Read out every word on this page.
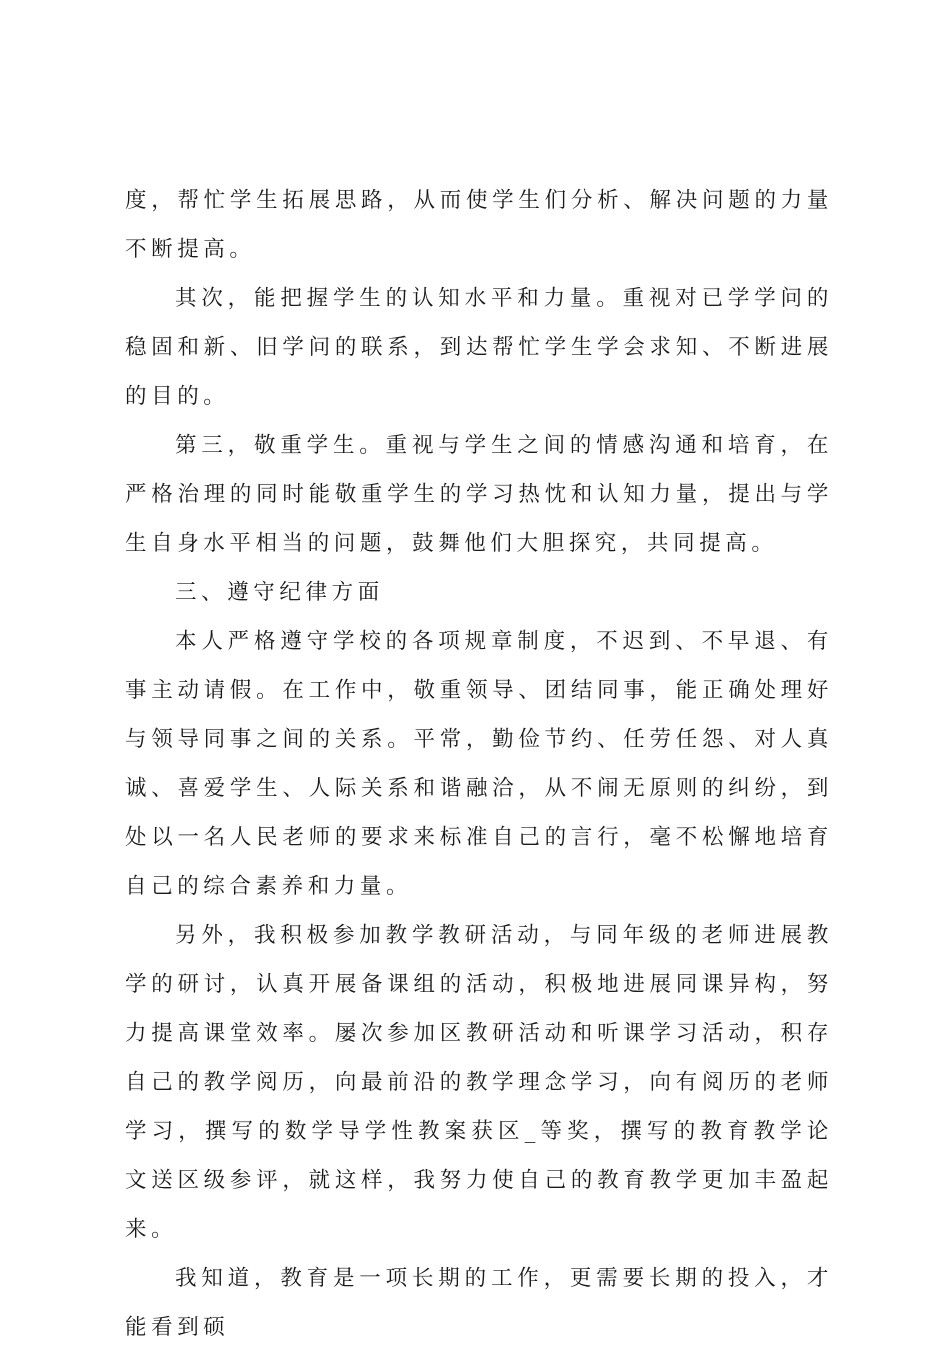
度，帮忙学生拓展思路，从而使学生们分析、解决问题的力量不断提高。

其次，能把握学生的认知水平和力量。重视对已学学问的稳固和新、旧学问的联系，到达帮忙学生学会求知、不断进展的目的。

第三，敬重学生。重视与学生之间的情感沟通和培育，在严格治理的同时能敬重学生的学习热忱和认知力量，提出与学生自身水平相当的问题，鼓舞他们大胆探究，共同提高。

三、遵守纪律方面

本人严格遵守学校的各项规章制度，不迟到、不早退、有事主动请假。在工作中，敬重领导、团结同事，能正确处理好与领导同事之间的关系。平常，勤俭节约、任劳任怨、对人真诚、喜爱学生、人际关系和谐融洽，从不闹无原则的纠纷，到处以一名人民老师的要求来标准自己的言行，毫不松懈地培育自己的综合素养和力量。

另外，我积极参加教学教研活动，与同年级的老师进展教学的研讨，认真开展备课组的活动，积极地进展同课异构，努力提高课堂效率。屡次参加区教研活动和听课学习活动，积存自己的教学阅历，向最前沿的教学理念学习，向有阅历的老师学习，撰写的数学导学性教案获区_等奖，撰写的教育教学论文送区级参评，就这样，我努力使自己的教育教学更加丰盈起来。

我知道，教育是一项长期的工作，更需要长期的投入，才能看到硕
